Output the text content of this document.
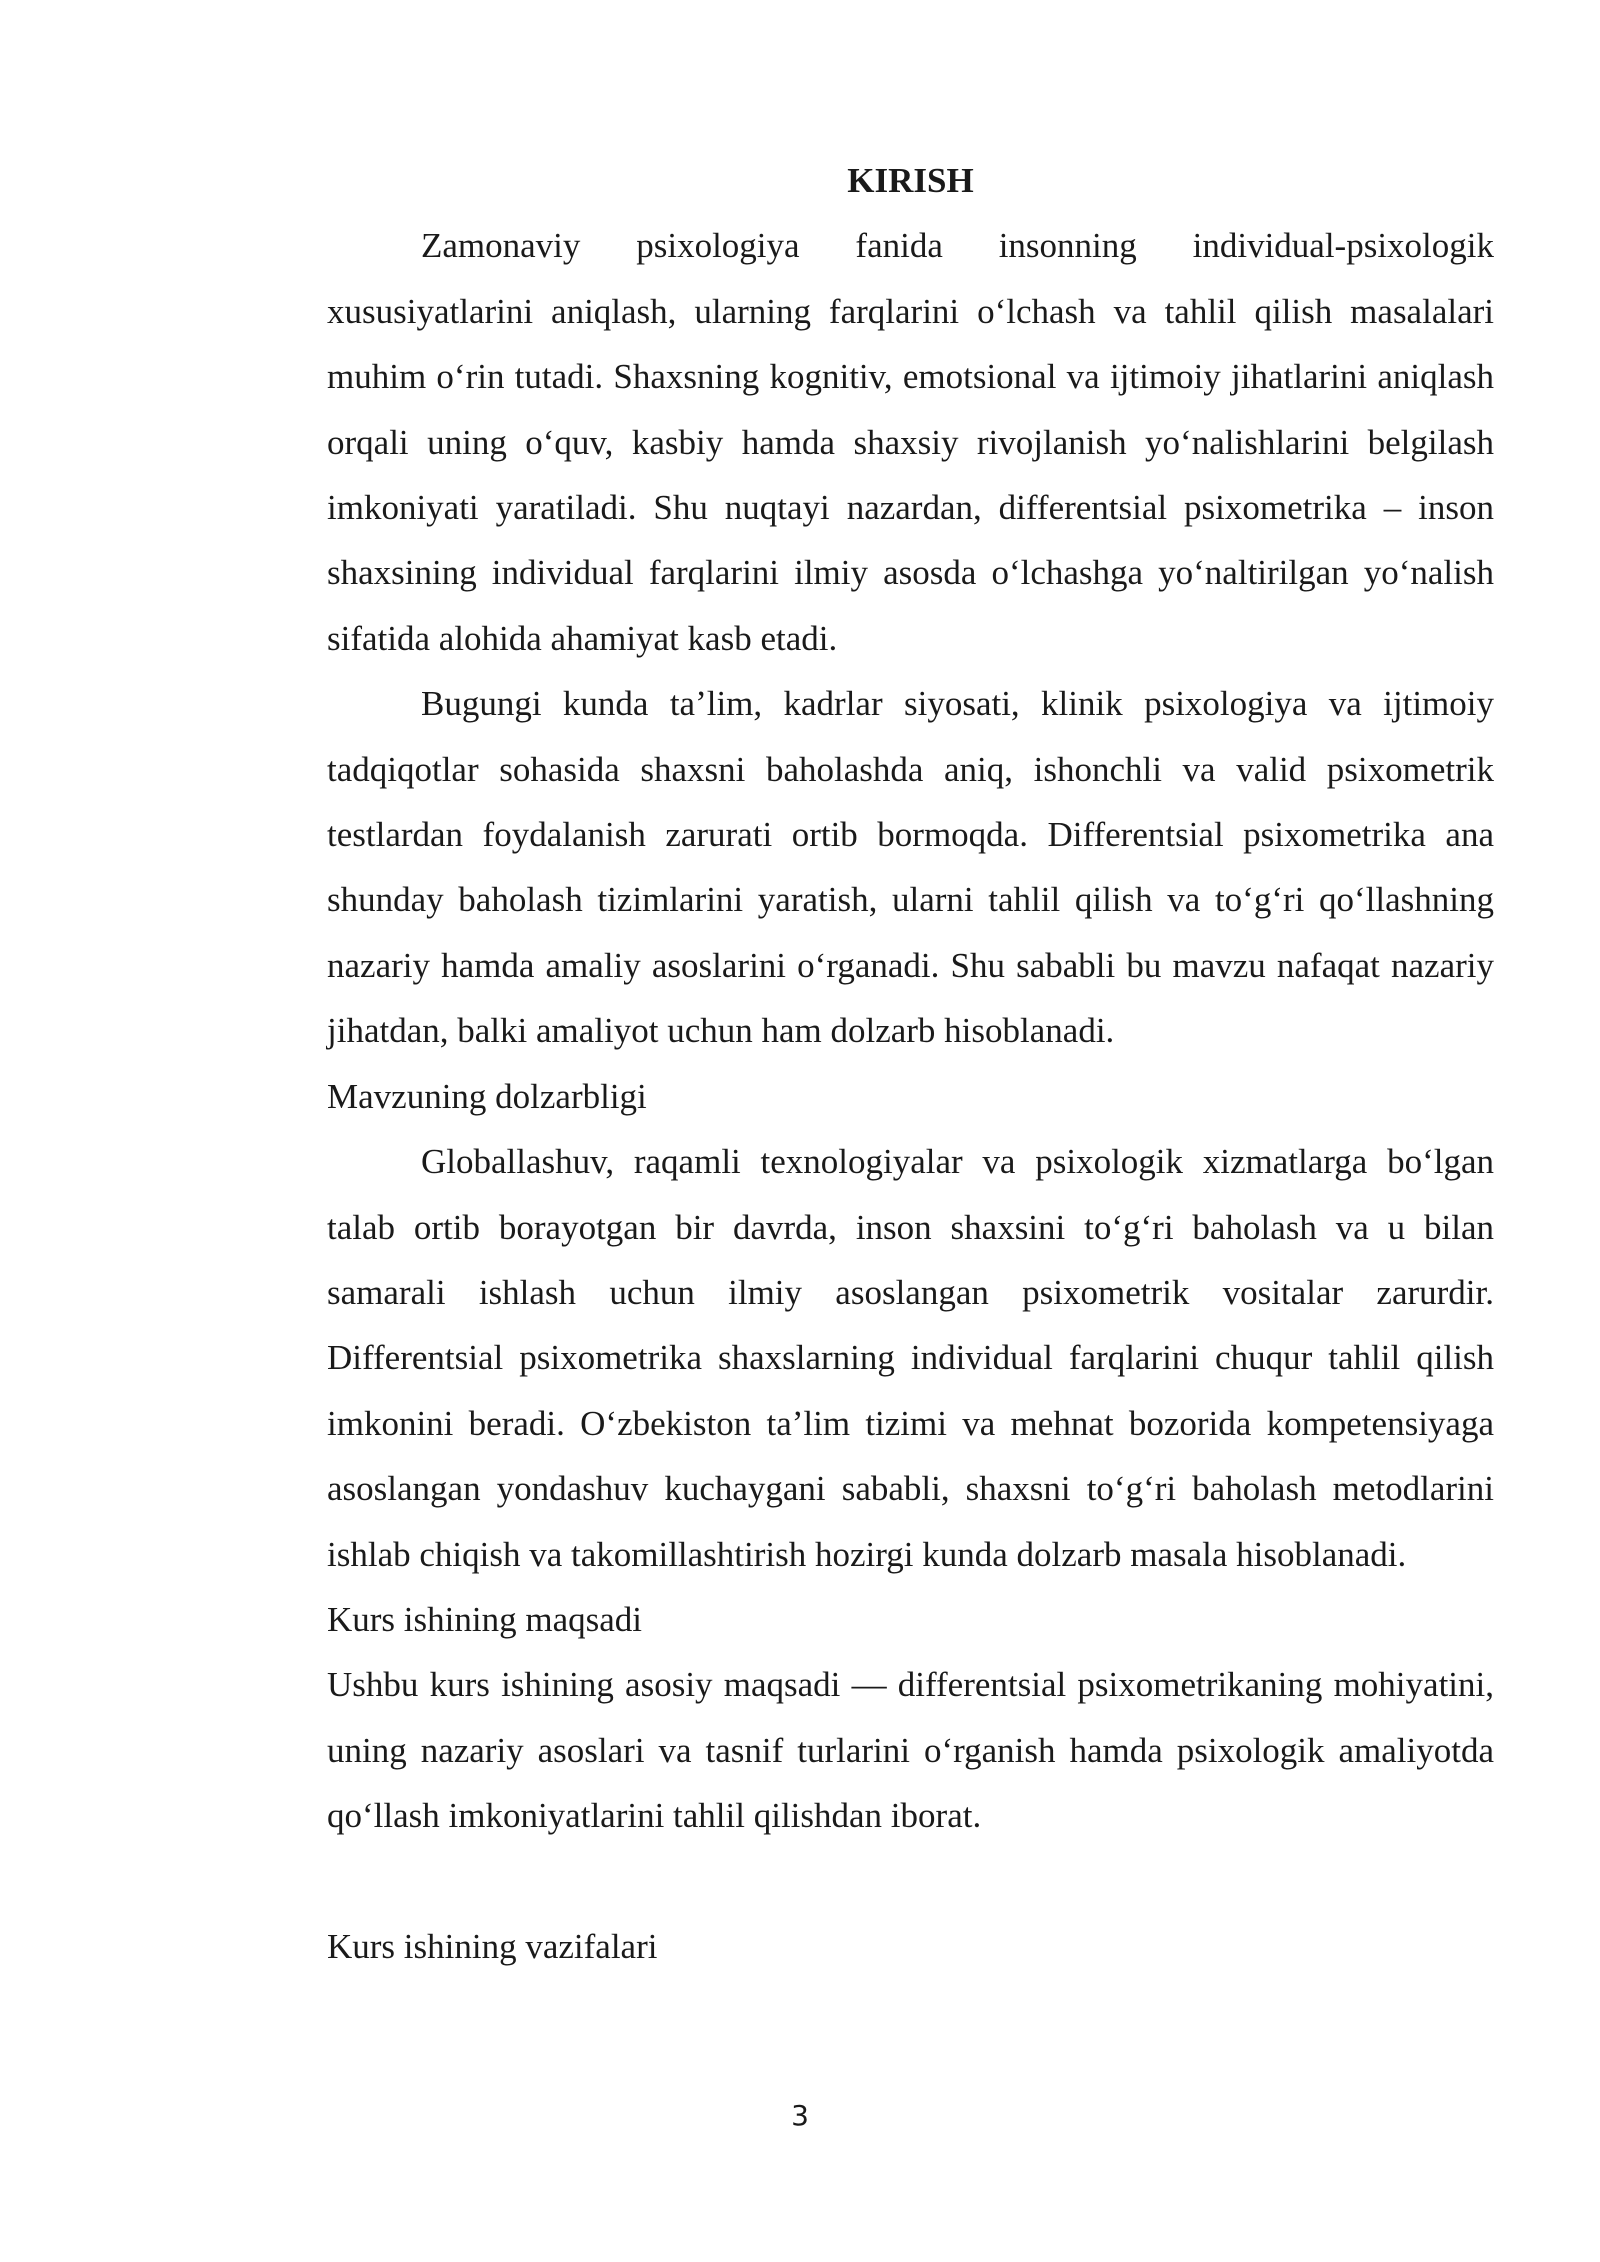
KIRISH

Zamonaviy psixologiya fanida insonning individual-psixologik xususiyatlarini aniqlash, ularning farqlarini oʻlchash va tahlil qilish masalalari muhim oʻrin tutadi. Shaxsning kognitiv, emotsional va ijtimoiy jihatlarini aniqlash orqali uning oʻquv, kasbiy hamda shaxsiy rivojlanish yoʻnalishlarini belgilash imkoniyati yaratiladi. Shu nuqtayi nazardan, differentsial psixometrika – inson shaxsining individual farqlarini ilmiy asosda oʻlchashga yoʻnaltirilgan yoʻnalish sifatida alohida ahamiyat kasb etadi.

Bugungi kunda taʼlim, kadrlar siyosati, klinik psixologiya va ijtimoiy tadqiqotlar sohasida shaxsni baholashda aniq, ishonchli va valid psixometrik testlardan foydalanish zarurati ortib bormoqda. Differentsial psixometrika ana shunday baholash tizimlarini yaratish, ularni tahlil qilish va toʻgʻri qoʻllashning nazariy hamda amaliy asoslarini oʻrganadi. Shu sababli bu mavzu nafaqat nazariy jihatdan, balki amaliyot uchun ham dolzarb hisoblanadi.

Mavzuning dolzarbligi

Globallashuv, raqamli texnologiyalar va psixologik xizmatlarga boʻlgan talab ortib borayotgan bir davrda, inson shaxsini toʻgʻri baholash va u bilan samarali ishlash uchun ilmiy asoslangan psixometrik vositalar zarurdir. Differentsial psixometrika shaxslarning individual farqlarini chuqur tahlil qilish imkonini beradi. Oʻzbekiston taʼlim tizimi va mehnat bozorida kompetensiyaga asoslangan yondashuv kuchaygani sababli, shaxsni toʻgʻri baholash metodlarini ishlab chiqish va takomillashtirish hozirgi kunda dolzarb masala hisoblanadi.

Kurs ishining maqsadi

Ushbu kurs ishining asosiy maqsadi — differentsial psixometrikaning mohiyatini, uning nazariy asoslari va tasnif turlarini oʻrganish hamda psixologik amaliyotda qoʻllash imkoniyatlarini tahlil qilishdan iborat.

Kurs ishining vazifalari

3
